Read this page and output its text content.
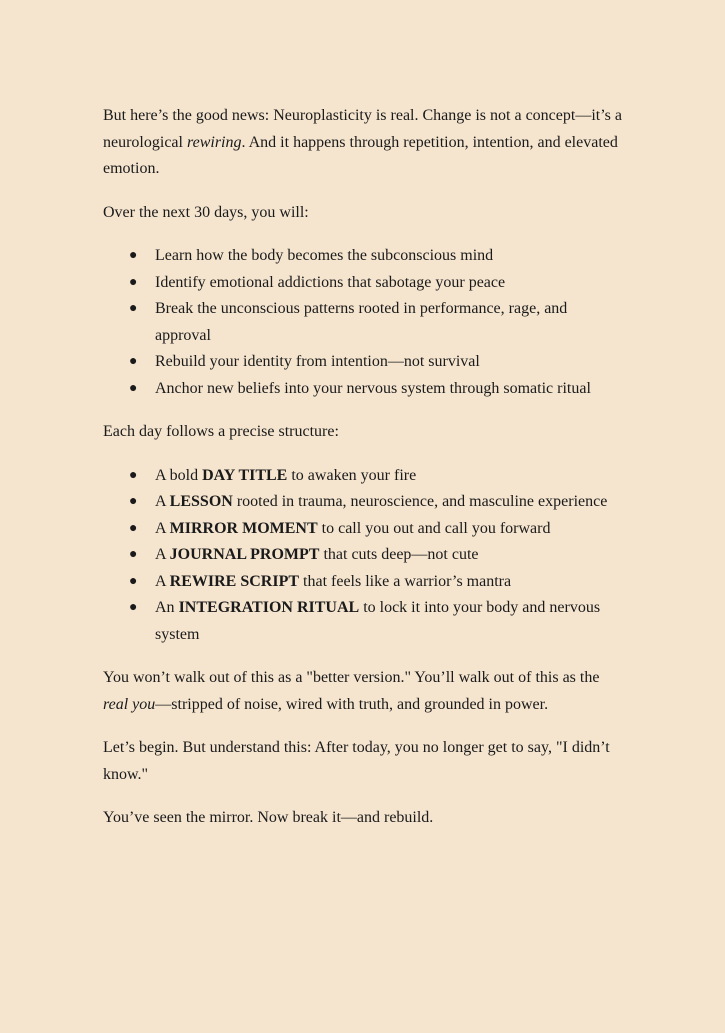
But here’s the good news: Neuroplasticity is real. Change is not a concept—it’s a neurological rewiring. And it happens through repetition, intention, and elevated emotion.

Over the next 30 days, you will:

● Learn how the body becomes the subconscious mind
● Identify emotional addictions that sabotage your peace
● Break the unconscious patterns rooted in performance, rage, and approval
● Rebuild your identity from intention—not survival
● Anchor new beliefs into your nervous system through somatic ritual

Each day follows a precise structure:

● A bold DAY TITLE to awaken your fire
● A LESSON rooted in trauma, neuroscience, and masculine experience
● A MIRROR MOMENT to call you out and call you forward
● A JOURNAL PROMPT that cuts deep—not cute
● A REWIRE SCRIPT that feels like a warrior’s mantra
● An INTEGRATION RITUAL to lock it into your body and nervous system

You won’t walk out of this as a "better version." You’ll walk out of this as the real you—stripped of noise, wired with truth, and grounded in power.

Let’s begin. But understand this: After today, you no longer get to say, "I didn’t know."

You’ve seen the mirror. Now break it—and rebuild.
